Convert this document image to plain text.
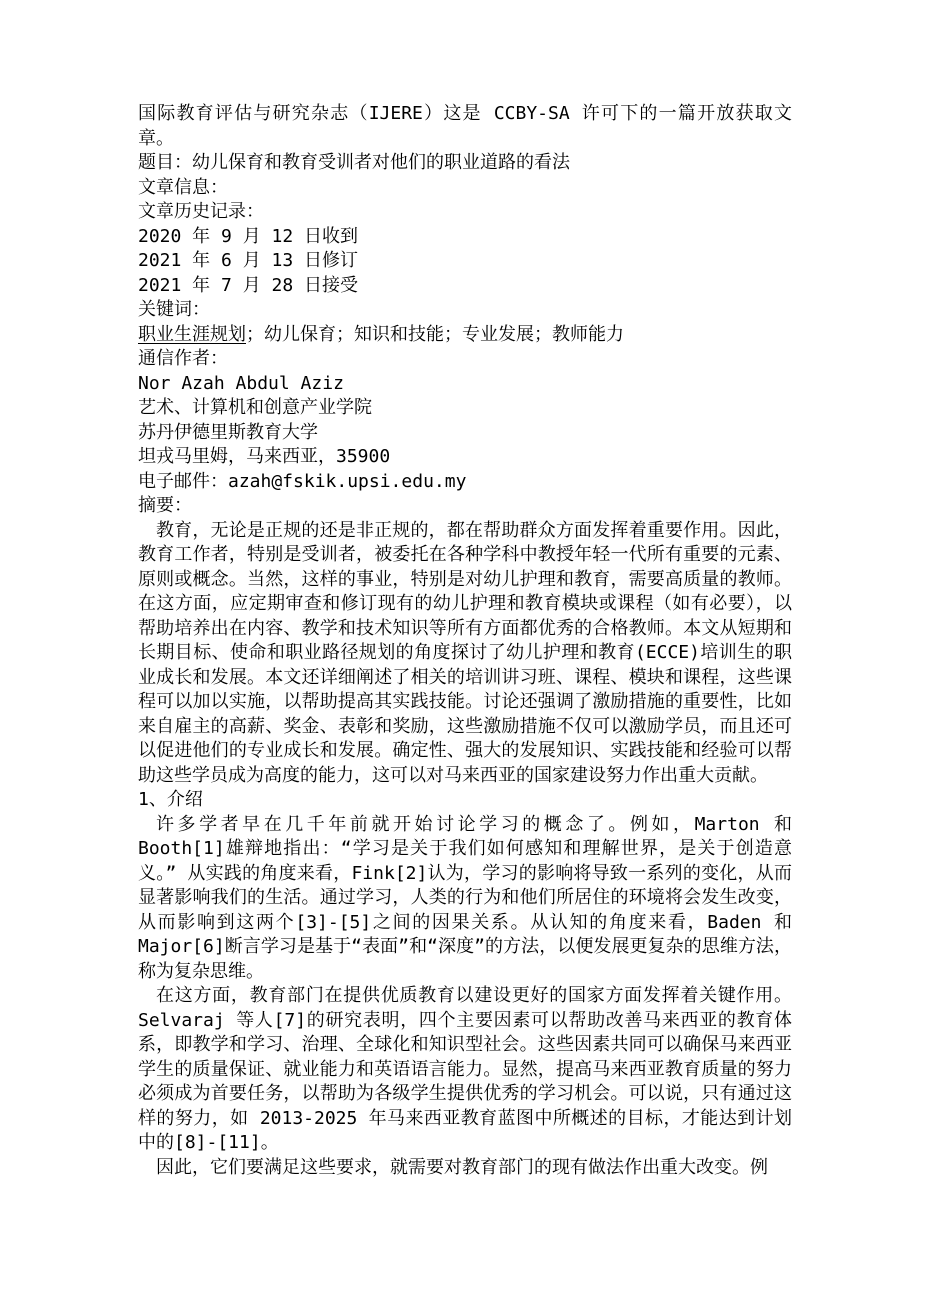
国际教育评估与研究杂志（IJERE）这是 CCBY-SA 许可下的一篇开放获取文章。

题目：幼儿保育和教育受训者对他们的职业道路的看法

文章信息：

文章历史记录：

2020 年 9 月 12 日收到

2021 年 6 月 13 日修订

2021 年 7 月 28 日接受

关键词：

职业生涯规划；幼儿保育；知识和技能；专业发展；教师能力

通信作者：

Nor Azah Abdul Aziz

艺术、计算机和创意产业学院

苏丹伊德里斯教育大学

坦戎马里姆，马来西亚，35900

电子邮件：azah@fskik.upsi.edu.my

摘要：

教育，无论是正规的还是非正规的，都在帮助群众方面发挥着重要作用。因此，教育工作者，特别是受训者，被委托在各种学科中教授年轻一代所有重要的元素、原则或概念。当然，这样的事业，特别是对幼儿护理和教育，需要高质量的教师。在这方面，应定期审查和修订现有的幼儿护理和教育模块或课程（如有必要），以帮助培养出在内容、教学和技术知识等所有方面都优秀的合格教师。本文从短期和长期目标、使命和职业路径规划的角度探讨了幼儿护理和教育(ECCE)培训生的职业成长和发展。本文还详细阐述了相关的培训讲习班、课程、模块和课程，这些课程可以加以实施，以帮助提高其实践技能。讨论还强调了激励措施的重要性，比如来自雇主的高薪、奖金、表彰和奖励，这些激励措施不仅可以激励学员，而且还可以促进他们的专业成长和发展。确定性、强大的发展知识、实践技能和经验可以帮助这些学员成为高度的能力，这可以对马来西亚的国家建设努力作出重大贡献。

1、介绍

许多学者早在几千年前就开始讨论学习的概念了。例如，Marton 和 Booth[1]雄辩地指出：“学习是关于我们如何感知和理解世界，是关于创造意义。” 从实践的角度来看，Fink[2]认为，学习的影响将导致一系列的变化，从而显著影响我们的生活。通过学习，人类的行为和他们所居住的环境将会发生改变，从而影响到这两个[3]-[5]之间的因果关系。从认知的角度来看，Baden 和 Major[6]断言学习是基于“表面”和“深度”的方法，以便发展更复杂的思维方法，称为复杂思维。

在这方面，教育部门在提供优质教育以建设更好的国家方面发挥着关键作用。Selvaraj 等人[7]的研究表明，四个主要因素可以帮助改善马来西亚的教育体系，即教学和学习、治理、全球化和知识型社会。这些因素共同可以确保马来西亚学生的质量保证、就业能力和英语语言能力。显然，提高马来西亚教育质量的努力必须成为首要任务，以帮助为各级学生提供优秀的学习机会。可以说，只有通过这样的努力，如 2013-2025 年马来西亚教育蓝图中所概述的目标，才能达到计划中的[8]-[11]。

因此，它们要满足这些要求，就需要对教育部门的现有做法作出重大改变。例
